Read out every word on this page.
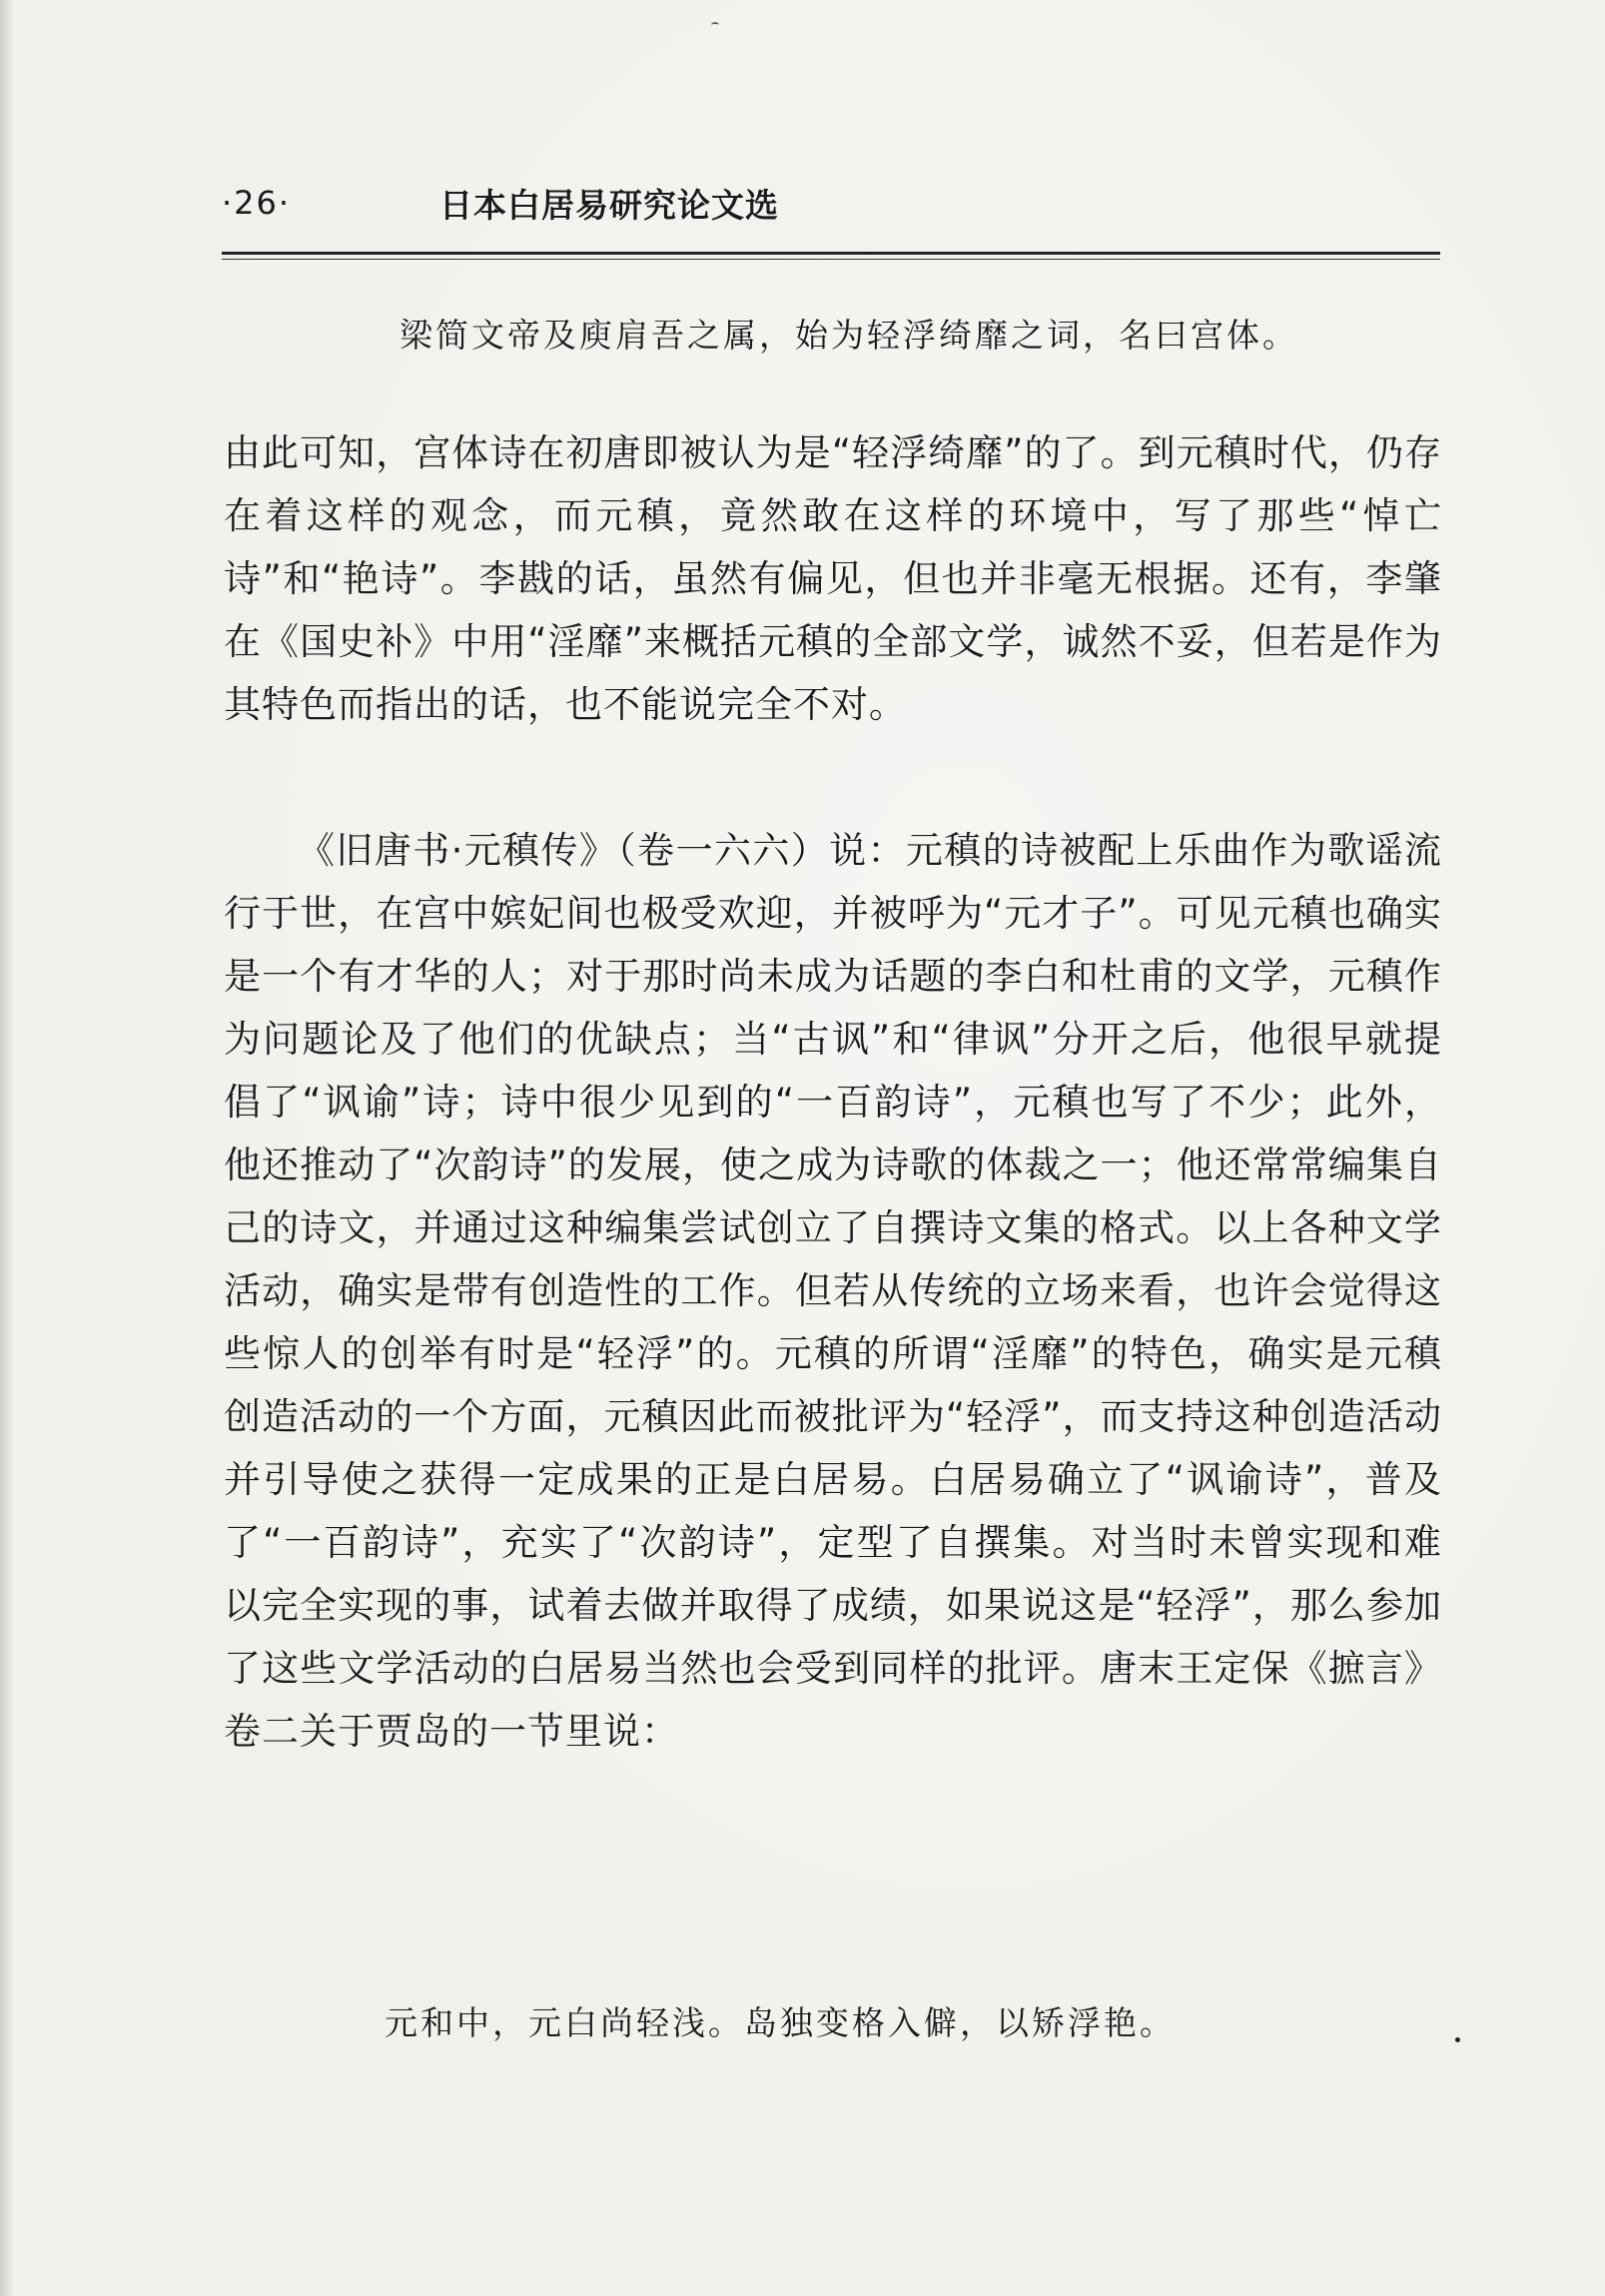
·26·	日本白居易研究论文选
梁简文帝及庾肩吾之属，始为轻浮绮靡之词，名曰宫体。

由此可知，宫体诗在初唐即被认为是“轻浮绮靡”的了。到元稹时代，仍存在着这样的观念，而元稹，竟然敢在这样的环境中，写了那些“悼亡诗”和“艳诗”。李戡的话，虽然有偏见，但也并非毫无根据。还有，李肇在《国史补》中用“淫靡”来概括元稹的全部文学，诚然不妥，但若是作为其特色而指出的话，也不能说完全不对。

《旧唐书·元稹传》（卷一六六）说：元稹的诗被配上乐曲作为歌谣流行于世，在宫中嫔妃间也极受欢迎，并被呼为“元才子”。可见元稹也确实是一个有才华的人；对于那时尚未成为话题的李白和杜甫的文学，元稹作为问题论及了他们的优缺点；当“古讽”和“律讽”分开之后，他很早就提倡了“讽谕”诗；诗中很少见到的“一百韵诗”，元稹也写了不少；此外，他还推动了“次韵诗”的发展，使之成为诗歌的体裁之一；他还常常编集自己的诗文，并通过这种编集尝试创立了自撰诗文集的格式。以上各种文学活动，确实是带有创造性的工作。但若从传统的立场来看，也许会觉得这些惊人的创举有时是“轻浮”的。元稹的所谓“淫靡”的特色，确实是元稹创造活动的一个方面，元稹因此而被批评为“轻浮”，而支持这种创造活动并引导使之获得一定成果的正是白居易。白居易确立了“讽谕诗”，普及了“一百韵诗”，充实了“次韵诗”，定型了自撰集。对当时未曾实现和难以完全实现的事，试着去做并取得了成绩，如果说这是“轻浮”，那么参加了这些文学活动的白居易当然也会受到同样的批评。唐末王定保《摭言》卷二关于贾岛的一节里说：

元和中，元白尚轻浅。岛独变格入僻，以矫浮艳。
